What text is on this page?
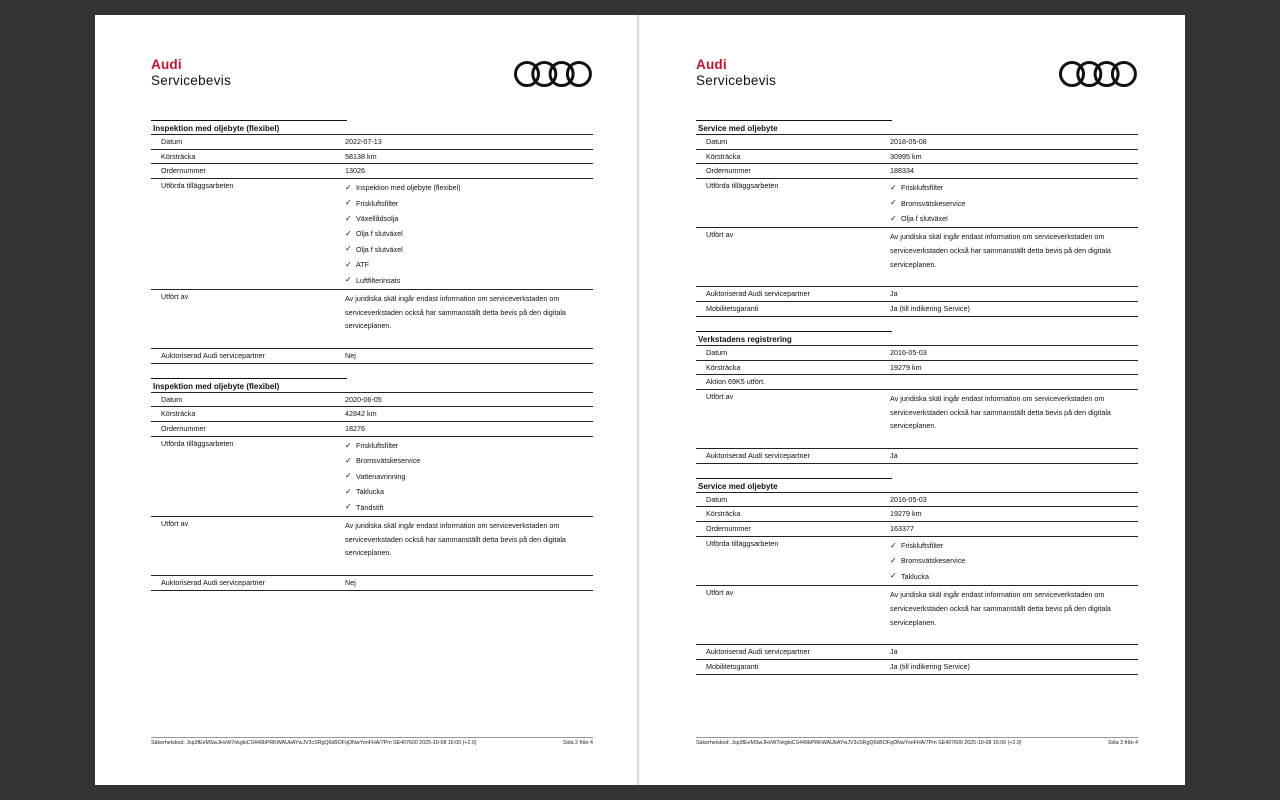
Audi
Servicebevis
Inspektion med oljebyte (flexibel)
Datum	2022-07-13
Körsträcka	58138 km
Ordernummer	13026
Utförda tilläggsarbeten	✓ Inspektion med oljebyte (flexibel)
✓ Friskluftsfilter
✓ Växellådsolja
✓ Olja f slutväxel
✓ Olja f slutväxel
✓ ATF
✓ Luftfilterinsats
Utfört av	Av juridiska skäl ingår endast information om serviceverkstaden om serviceverkstaden också har sammanställt detta bevis på den digitala serviceplanen.
Auktoriserad Audi servicepartner	Nej
Inspektion med oljebyte (flexibel)
Datum	2020-06-05
Körsträcka	42842 km
Ordernummer	18276
Utförda tilläggsarbeten	✓ Friskluftsfilter
✓ Bromsvätskeservice
✓ Vattenavrinning
✓ Taklucka
✓ Tändstift
Utfört av	Av juridiska skäl ingår endast information om serviceverkstaden om serviceverkstaden också har sammanställt detta bevis på den digitala serviceplanen.
Auktoriserad Audi servicepartner	Nej
Säkerhetskod: Jsp3fEeMSwJHvW7okgkiCS449bPRKWAUbAYwJV3cSRgQ6kBOFqONwYonFHA/7Pm SE407600 2025-10-08 16:00 (+2.0)	Sida 2 från 4
Audi
Servicebevis
Service med oljebyte
Datum	2018-05-08
Körsträcka	30995 km
Ordernummer	188334
Utförda tilläggsarbeten	✓ Friskluftsfilter
✓ Bromsvätskeservice
✓ Olja f slutväxel
Utfört av	Av juridiska skäl ingår endast information om serviceverkstaden om serviceverkstaden också har sammanställt detta bevis på den digitala serviceplanen.
Auktoriserad Audi servicepartner	Ja
Mobilitetsgaranti	Ja (till indikering Service)
Verkstadens registrering
Datum	2016-05-03
Körsträcka	19279 km
Aktion 69K5 utfört.
Utfört av	Av juridiska skäl ingår endast information om serviceverkstaden om serviceverkstaden också har sammanställt detta bevis på den digitala serviceplanen.
Auktoriserad Audi servicepartner	Ja
Service med oljebyte
Datum	2016-05-03
Körsträcka	19279 km
Ordernummer	163377
Utförda tilläggsarbeten	✓ Friskluftsfilter
✓ Bromsvätskeservice
✓ Taklucka
Utfört av	Av juridiska skäl ingår endast information om serviceverkstaden om serviceverkstaden också har sammanställt detta bevis på den digitala serviceplanen.
Auktoriserad Audi servicepartner	Ja
Mobilitetsgaranti	Ja (till indikering Service)
Säkerhetskod: Jsp3fEeMSwJHvW7okgkiCS449bPRKWAUbAYwJV3cSRgQ6kBOFqONwYonFHA/7Pm SE407600 2025-10-08 16:00 (+2.0)	Sida 3 från 4
